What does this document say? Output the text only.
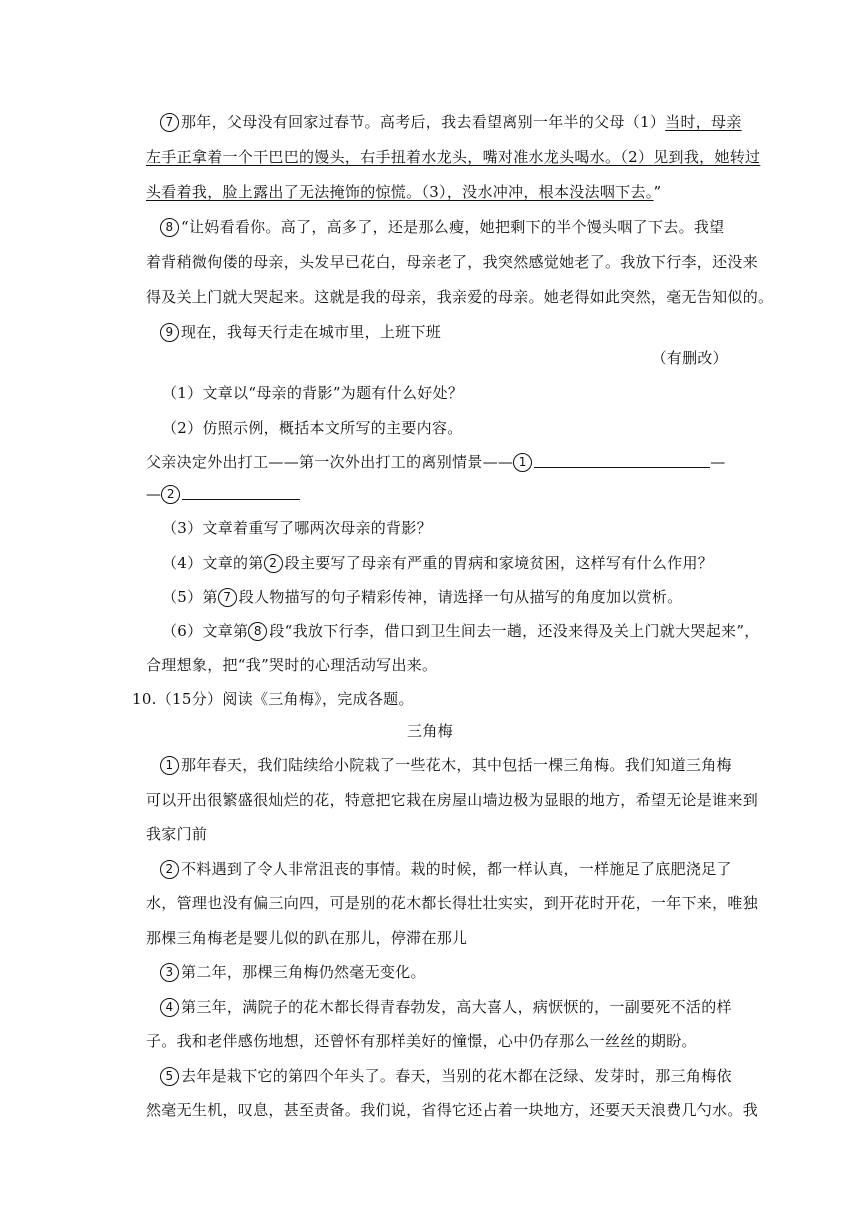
7 那年，父母没有回家过春节。高考后，我去看望离别一年半的父母（1）当时，母亲
左手正拿着一个干巴巴的馒头，右手扭着水龙头，嘴对准水龙头喝水。（2）见到我，她转过
头看着我，脸上露出了无法掩饰的惊慌。（3），没水冲冲，根本没法咽下去。”
8 “让妈看看你。高了，高多了，还是那么瘦，她把剩下的半个馒头咽了下去。我望
着背稍微佝偻的母亲，头发早已花白，母亲老了，我突然感觉她老了。我放下行李，还没来
得及关上门就大哭起来。这就是我的母亲，我亲爱的母亲。她老得如此突然，毫无告知似的。
9 现在，我每天行走在城市里，上班下班
（有删改）
（1）文章以“母亲的背影”为题有什么好处？
（2）仿照示例，概括本文所写的主要内容。
父亲决定外出打工——第一次外出打工的离别情景—— 1	—
— 2
（3）文章着重写了哪两次母亲的背影？
（4）文章的第 2 段主要写了母亲有严重的胃病和家境贫困，这样写有什么作用？
（5）第 7 段人物描写的句子精彩传神，请选择一句从描写的角度加以赏析。
（6）文章第 8 段“我放下行李，借口到卫生间去一趟，还没来得及关上门就大哭起来”，
合理想象，把“我”哭时的心理活动写出来。
10.（15分）阅读《三角梅》，完成各题。
三角梅
1 那年春天，我们陆续给小院栽了一些花木，其中包括一棵三角梅。我们知道三角梅
可以开出很繁盛很灿烂的花，特意把它栽在房屋山墙边极为显眼的地方，希望无论是谁来到
我家门前
2 不料遇到了令人非常沮丧的事情。栽的时候，都一样认真，一样施足了底肥浇足了
水，管理也没有偏三向四，可是别的花木都长得壮壮实实，到开花时开花，一年下来，唯独
那棵三角梅老是婴儿似的趴在那儿，停滞在那儿
3 第二年，那棵三角梅仍然毫无变化。
4 第三年，满院子的花木都长得青春勃发，高大喜人，病恹恹的，一副要死不活的样
子。我和老伴感伤地想，还曾怀有那样美好的憧憬，心中仍存那么一丝丝的期盼。
5 去年是栽下它的第四个年头了。春天，当别的花木都在泛绿、发芽时，那三角梅依
然毫无生机，叹息，甚至责备。我们说，省得它还占着一块地方，还要天天浪费几勺水。我
